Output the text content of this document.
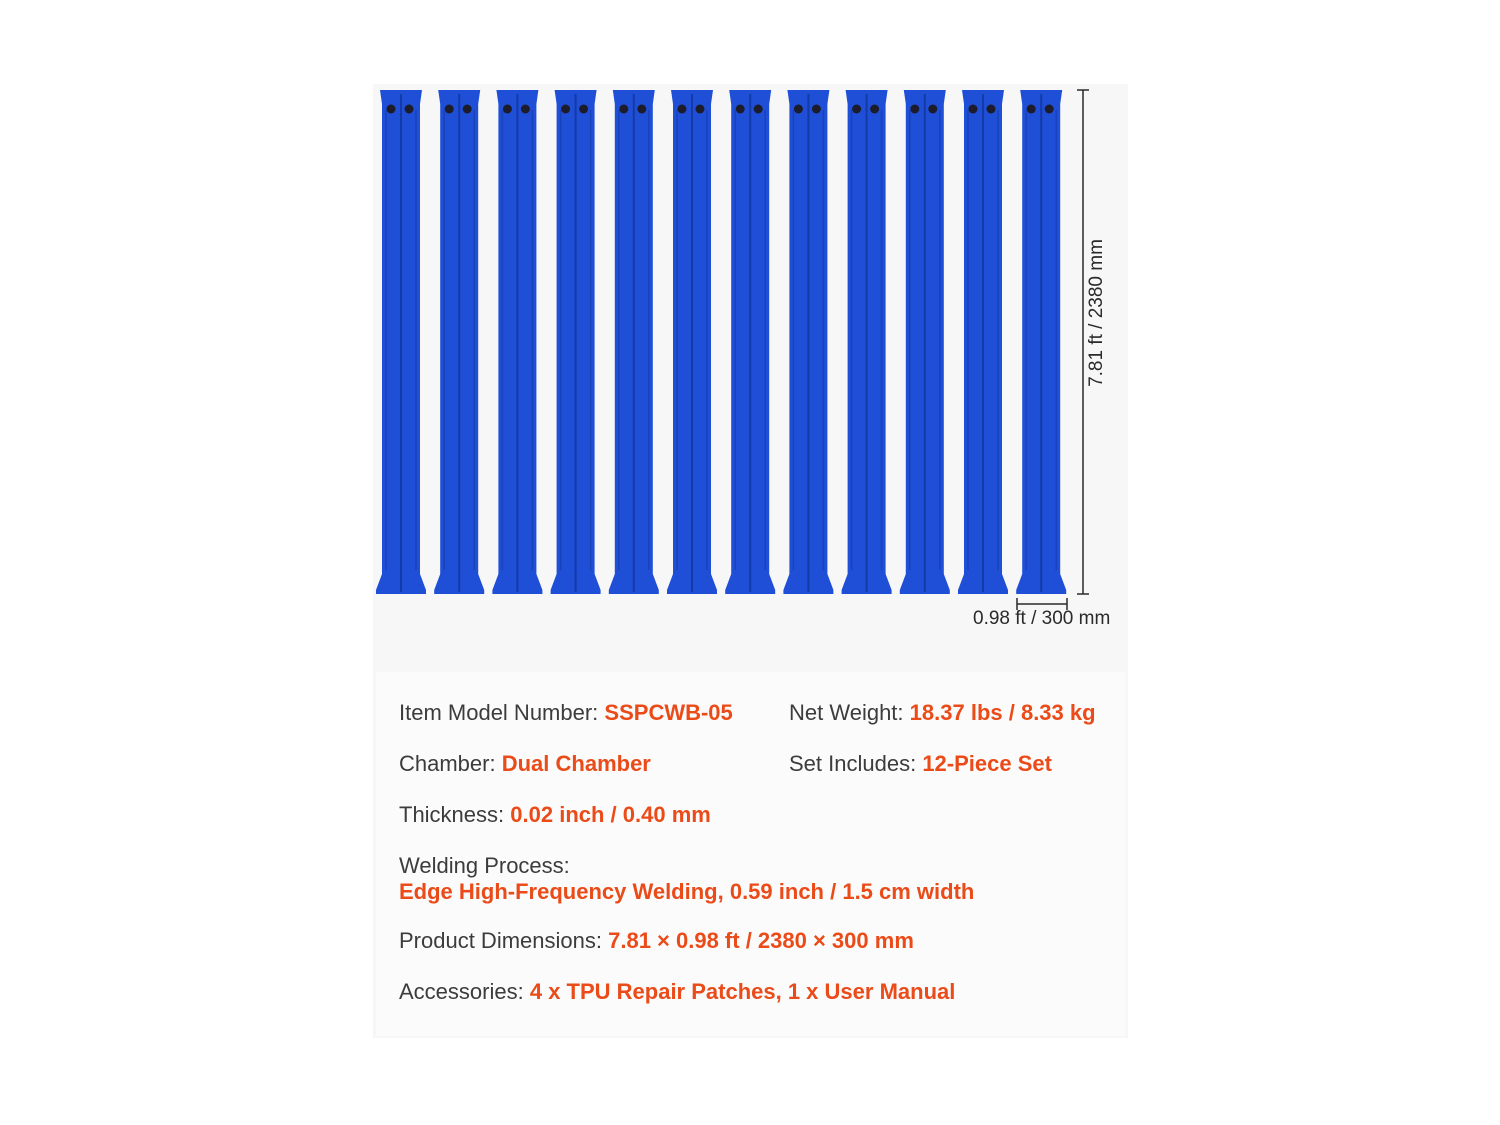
7.81 ft / 2380 mm
0.98 ft / 300 mm
Item Model Number: SSPCWB-05	Net Weight: 18.37 lbs / 8.33 kg
Chamber: Dual Chamber	Set Includes: 12-Piece Set
Thickness: 0.02 inch / 0.40 mm
Welding Process:
Edge High-Frequency Welding, 0.59 inch / 1.5 cm width
Product Dimensions: 7.81 × 0.98 ft / 2380 × 300 mm
Accessories: 4 x TPU Repair Patches, 1 x User Manual
